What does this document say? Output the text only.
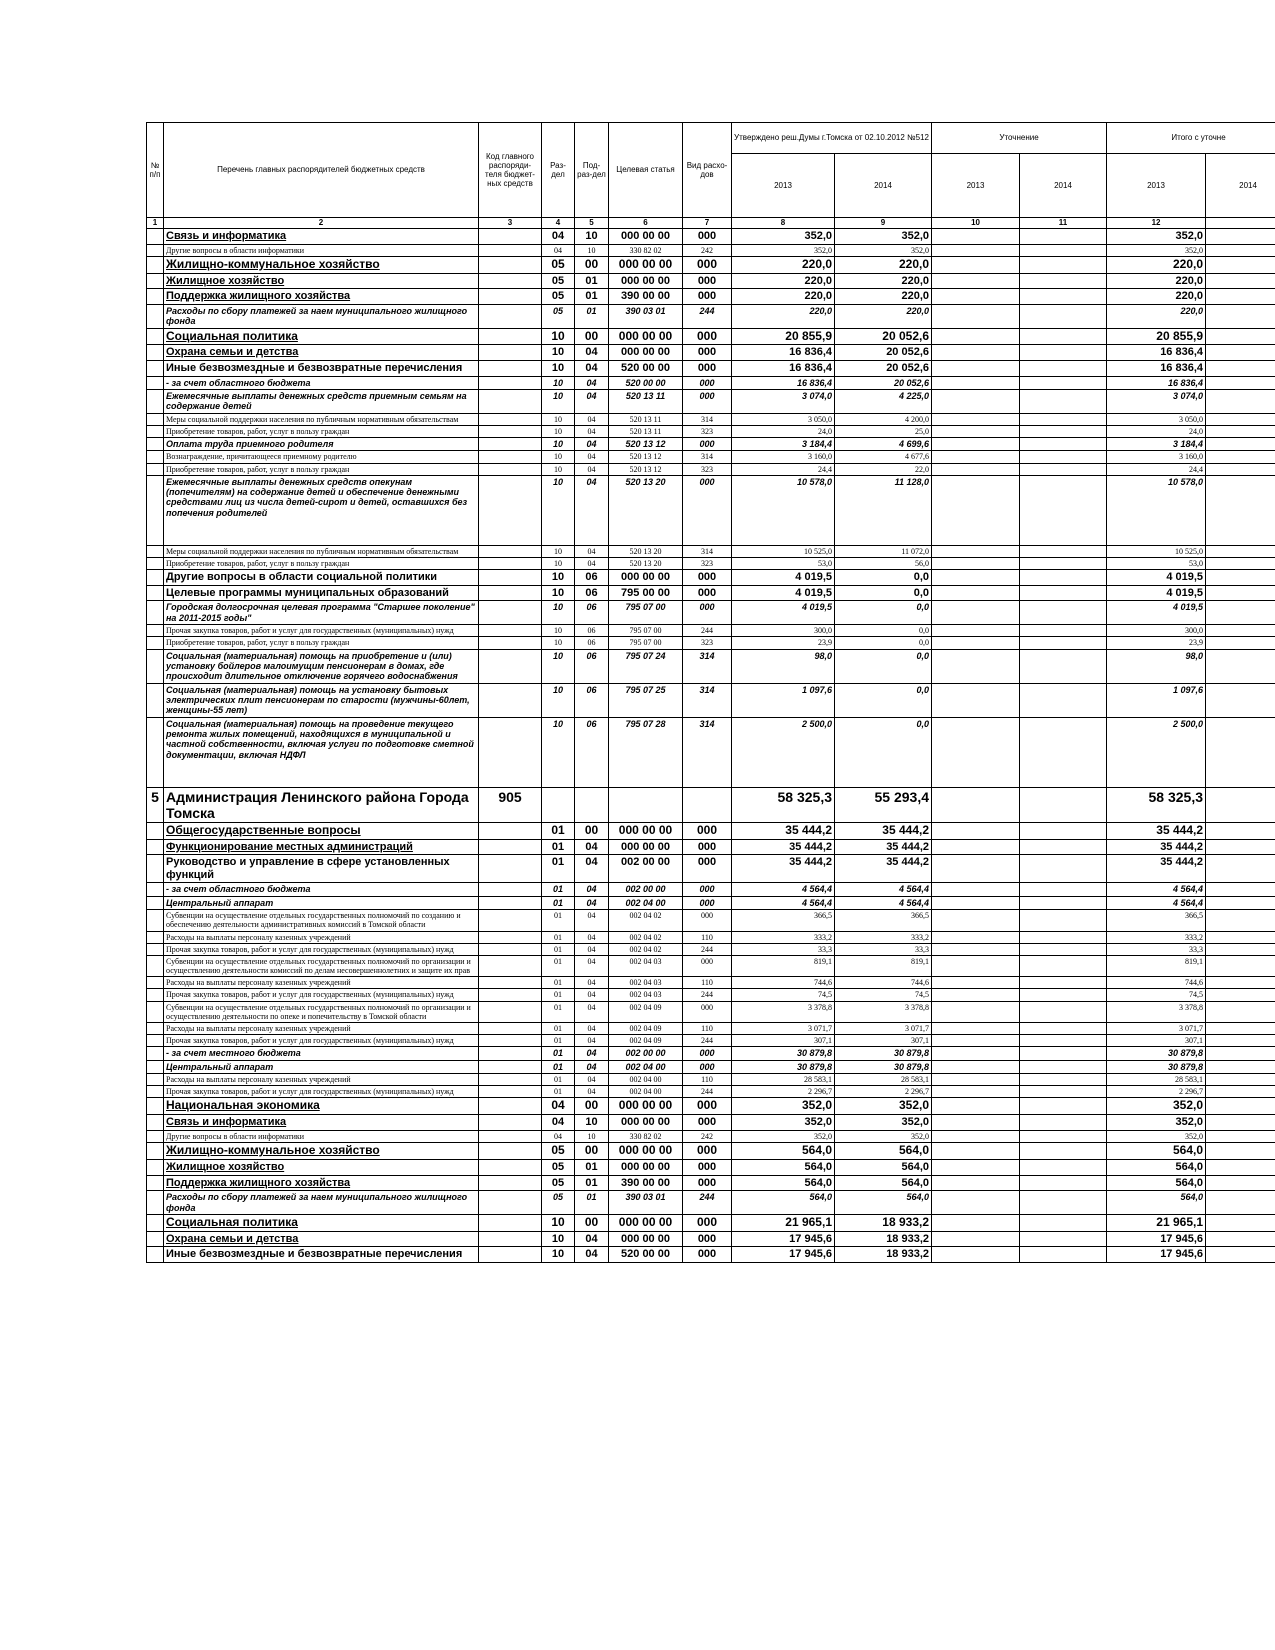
№ п/п	Перечень главных распорядителей бюджетных средств	Код главного распоряди-теля бюджет-ных средств	Раз-дел	Под-раз-дел	Целевая статья	Вид расхо-дов	Утверждено реш.Думы г.Томска от 02.10.2012 №512		Уточнение		Итого с уточне	
							2013	2014	2013	2014	2013	2014
1	2	3	4	5	6	7	8	9	10	11	12	
	Связь и информатика		04	10	000 00 00	000	352,0	352,0			352,0	
	Другие вопросы в области информатики		04	10	330 82 02	242	352,0	352,0			352,0	
	Жилищно-коммунальное хозяйство		05	00	000 00 00	000	220,0	220,0			220,0	
	Жилищное хозяйство		05	01	000 00 00	000	220,0	220,0			220,0	
	Поддержка жилищного хозяйства		05	01	390 00 00	000	220,0	220,0			220,0	
	Расходы по сбору платежей за наем муниципального жилищного фонда		05	01	390 03 01	244	220,0	220,0			220,0	
	Социальная политика		10	00	000 00 00	000	20 855,9	20 052,6			20 855,9	
	Охрана семьи и детства		10	04	000 00 00	000	16 836,4	20 052,6			16 836,4	
	Иные безвозмездные и безвозвратные перечисления		10	04	520 00 00	000	16 836,4	20 052,6			16 836,4	
	- за счет областного бюджета		10	04	520 00 00	000	16 836,4	20 052,6			16 836,4	
	Ежемесячные выплаты денежных средств приемным семьям на содержание детей		10	04	520 13 11	000	3 074,0	4 225,0			3 074,0	
	Меры социальной поддержки населения по публичным нормативным обязательствам		10	04	520 13 11	314	3 050,0	4 200,0			3 050,0	
	Приобретение товаров, работ, услуг в пользу граждан		10	04	520 13 11	323	24,0	25,0			24,0	
	Оплата труда приемного родителя		10	04	520 13 12	000	3 184,4	4 699,6			3 184,4	
	Вознаграждение, причитающееся приемному родителю		10	04	520 13 12	314	3 160,0	4 677,6			3 160,0	
	Приобретение товаров, работ, услуг в пользу граждан		10	04	520 13 12	323	24,4	22,0			24,4	
	Ежемесячные выплаты денежных средств опекунам (попечителям) на содержание детей и обеспечение денежными средствами лиц из числа детей-сирот и детей, оставшихся без попечения родителей		10	04	520 13 20	000	10 578,0	11 128,0			10 578,0	
	Меры социальной поддержки населения по публичным нормативным обязательствам		10	04	520 13 20	314	10 525,0	11 072,0			10 525,0	
	Приобретение товаров, работ, услуг в пользу граждан		10	04	520 13 20	323	53,0	56,0			53,0	
	Другие вопросы в области социальной политики		10	06	000 00 00	000	4 019,5	0,0			4 019,5	
	Целевые программы муниципальных образований		10	06	795 00 00	000	4 019,5	0,0			4 019,5	
	Городская долгосрочная целевая программа "Старшее поколение" на 2011-2015 годы"		10	06	795 07 00	000	4 019,5	0,0			4 019,5	
	Прочая закупка товаров, работ и услуг для государственных (муниципальных) нужд		10	06	795 07 00	244	300,0	0,0			300,0	
	Приобретение товаров, работ, услуг в пользу граждан		10	06	795 07 00	323	23,9	0,0			23,9	
	Социальная (материальная) помощь на приобретение и (или) установку бойлеров малоимущим пенсионерам в домах, где происходит длительное отключение горячего водоснабжения		10	06	795 07 24	314	98,0	0,0			98,0	
	Социальная (материальная) помощь на установку бытовых электрических плит пенсионерам по старости (мужчины-60лет, женщины-55 лет)		10	06	795 07 25	314	1 097,6	0,0			1 097,6	
	Социальная (материальная) помощь на проведение текущего ремонта жилых помещений, находящихся в муниципальной и частной собственности, включая услуги по подготовке сметной документации, включая НДФЛ		10	06	795 07 28	314	2 500,0	0,0			2 500,0	
5	Администрация Ленинского района Города Томска	905					58 325,3	55 293,4			58 325,3	
	Общегосударственные вопросы		01	00	000 00 00	000	35 444,2	35 444,2			35 444,2	
	Функционирование местных администраций		01	04	000 00 00	000	35 444,2	35 444,2			35 444,2	
	Руководство и управление в сфере установленных функций		01	04	002 00 00	000	35 444,2	35 444,2			35 444,2	
	- за счет областного бюджета		01	04	002 00 00	000	4 564,4	4 564,4			4 564,4	
	Центральный аппарат		01	04	002 04 00	000	4 564,4	4 564,4			4 564,4	
	Субвенции на осуществление отдельных государственных полномочий по созданию и обеспечению деятельности административных комиссий в Томской области		01	04	002 04 02	000	366,5	366,5			366,5	
	Расходы на выплаты персоналу казенных учреждений		01	04	002 04 02	110	333,2	333,2			333,2	
	Прочая закупка товаров, работ и услуг для государственных (муниципальных) нужд		01	04	002 04 02	244	33,3	33,3			33,3	
	Субвенции на осуществление отдельных государственных полномочий по организации и осуществлению деятельности комиссий по делам несовершеннолетних и защите их прав		01	04	002 04 03	000	819,1	819,1			819,1	
	Расходы на выплаты персоналу казенных учреждений		01	04	002 04 03	110	744,6	744,6			744,6	
	Прочая закупка товаров, работ и услуг для государственных (муниципальных) нужд		01	04	002 04 03	244	74,5	74,5			74,5	
	Субвенции на осуществление отдельных государственных полномочий по организации и осуществлению деятельности по опеке и попечительству в Томской области		01	04	002 04 09	000	3 378,8	3 378,8			3 378,8	
	Расходы на выплаты персоналу казенных учреждений		01	04	002 04 09	110	3 071,7	3 071,7			3 071,7	
	Прочая закупка товаров, работ и услуг для государственных (муниципальных) нужд		01	04	002 04 09	244	307,1	307,1			307,1	
	- за счет местного бюджета		01	04	002 00 00	000	30 879,8	30 879,8			30 879,8	
	Центральный аппарат		01	04	002 04 00	000	30 879,8	30 879,8			30 879,8	
	Расходы на выплаты персоналу казенных учреждений		01	04	002 04 00	110	28 583,1	28 583,1			28 583,1	
	Прочая закупка товаров, работ и услуг для государственных (муниципальных) нужд		01	04	002 04 00	244	2 296,7	2 296,7			2 296,7	
	Национальная экономика		04	00	000 00 00	000	352,0	352,0			352,0	
	Связь и информатика		04	10	000 00 00	000	352,0	352,0			352,0	
	Другие вопросы в области информатики		04	10	330 82 02	242	352,0	352,0			352,0	
	Жилищно-коммунальное хозяйство		05	00	000 00 00	000	564,0	564,0			564,0	
	Жилищное хозяйство		05	01	000 00 00	000	564,0	564,0			564,0	
	Поддержка жилищного хозяйства		05	01	390 00 00	000	564,0	564,0			564,0	
	Расходы по сбору платежей за наем муниципального жилищного фонда		05	01	390 03 01	244	564,0	564,0			564,0	
	Социальная политика		10	00	000 00 00	000	21 965,1	18 933,2			21 965,1	
	Охрана семьи и детства		10	04	000 00 00	000	17 945,6	18 933,2			17 945,6	
	Иные безвозмездные и безвозвратные перечисления		10	04	520 00 00	000	17 945,6	18 933,2			17 945,6	
